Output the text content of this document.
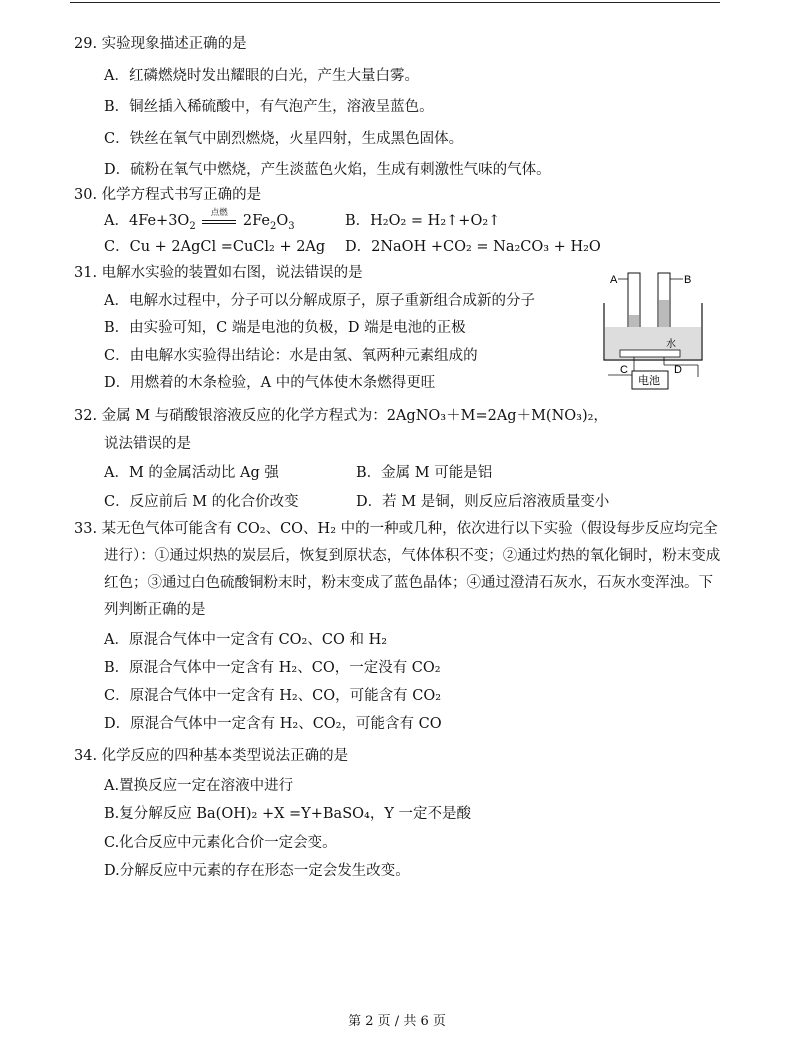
29. 实验现象描述正确的是
A．红磷燃烧时发出耀眼的白光，产生大量白雾。
B．铜丝插入稀硫酸中，有气泡产生，溶液呈蓝色。
C．铁丝在氧气中剧烈燃烧，火星四射，生成黑色固体。
D．硫粉在氧气中燃烧，产生淡蓝色火焰，生成有刺激性气味的气体。
30. 化学方程式书写正确的是
A．$4Fe+3O_2$
点燃	$2Fe_2O_3$	B．H₂O₂ = H₂↑+O₂↑
C．Cu + 2AgCl =CuCl₂ + 2Ag D．2NaOH +CO₂ = Na₂CO₃ + H₂O
31. 电解水实验的装置如右图，说法错误的是
A．电解水过程中，分子可以分解成原子，原子重新组合成新的分子
B．由实验可知，C 端是电池的负极，D 端是电池的正极
C．由电解水实验得出结论：水是由氢、氧两种元素组成的
D．用燃着的木条检验，A 中的气体使木条燃得更旺
A	B
水
C	D
电池
32. 金属 M 与硝酸银溶液反应的化学方程式为：2AgNO₃＋M=2Ag＋M(NO₃)₂，
说法错误的是
A．M 的金属活动比 Ag 强	B．金属 M 可能是铝
C．反应前后 M 的化合价改变	D．若 M 是铜，则反应后溶液质量变小
33. 某无色气体可能含有 CO₂、CO、H₂ 中的一种或几种，依次进行以下实验（假设每步反应均完全进行）：①通过炽热的炭层后，恢复到原状态，气体体积不变；②通过灼热的氧化铜时，粉末变成红色；③通过白色硫酸铜粉末时，粉末变成了蓝色晶体；④通过澄清石灰水，石灰水变浑浊。下列判断正确的是
A．原混合气体中一定含有 CO₂、CO 和 H₂
B．原混合气体中一定含有 H₂、CO，一定没有 CO₂
C．原混合气体中一定含有 H₂、CO，可能含有 CO₂
D．原混合气体中一定含有 H₂、CO₂，可能含有 CO
34. 化学反应的四种基本类型说法正确的是
A.置换反应一定在溶液中进行
B.复分解反应 Ba(OH)₂ +X =Y+BaSO₄，Y 一定不是酸
C.化合反应中元素化合价一定会变。
D.分解反应中元素的存在形态一定会发生改变。
第 2 页 / 共 6 页
